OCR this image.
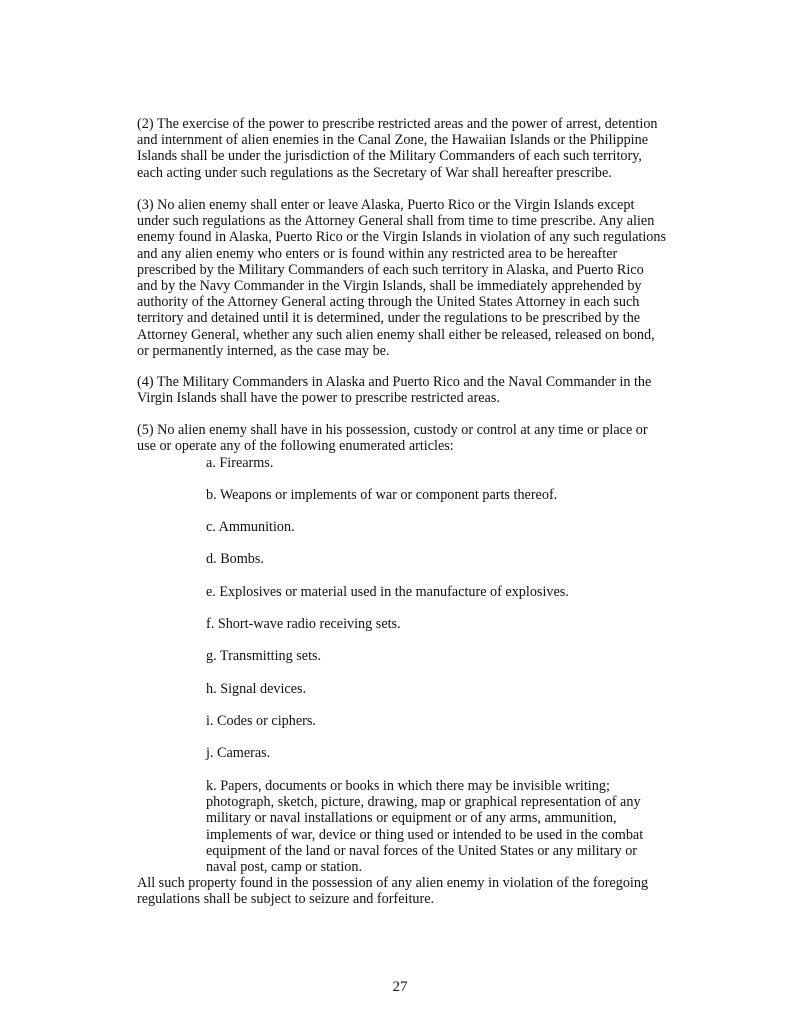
(2) The exercise of the power to prescribe restricted areas and the power of arrest, detention and internment of alien enemies in the Canal Zone, the Hawaiian Islands or the Philippine Islands shall be under the jurisdiction of the Military Commanders of each such territory, each acting under such regulations as the Secretary of War shall hereafter prescribe.

(3) No alien enemy shall enter or leave Alaska, Puerto Rico or the Virgin Islands except under such regulations as the Attorney General shall from time to time prescribe. Any alien enemy found in Alaska, Puerto Rico or the Virgin Islands in violation of any such regulations and any alien enemy who enters or is found within any restricted area to be hereafter prescribed by the Military Commanders of each such territory in Alaska, and Puerto Rico and by the Navy Commander in the Virgin Islands, shall be immediately apprehended by authority of the Attorney General acting through the United States Attorney in each such territory and detained until it is determined, under the regulations to be prescribed by the Attorney General, whether any such alien enemy shall either be released, released on bond, or permanently interned, as the case may be.

(4) The Military Commanders in Alaska and Puerto Rico and the Naval Commander in the Virgin Islands shall have the power to prescribe restricted areas.

(5) No alien enemy shall have in his possession, custody or control at any time or place or use or operate any of the following enumerated articles:

a. Firearms.

b. Weapons or implements of war or component parts thereof.

c. Ammunition.

d. Bombs.

e. Explosives or material used in the manufacture of explosives.

f. Short-wave radio receiving sets.

g. Transmitting sets.

h. Signal devices.

i. Codes or ciphers.

j. Cameras.

k. Papers, documents or books in which there may be invisible writing; photograph, sketch, picture, drawing, map or graphical representation of any military or naval installations or equipment or of any arms, ammunition, implements of war, device or thing used or intended to be used in the combat equipment of the land or naval forces of the United States or any military or naval post, camp or station.

All such property found in the possession of any alien enemy in violation of the foregoing regulations shall be subject to seizure and forfeiture.

27
